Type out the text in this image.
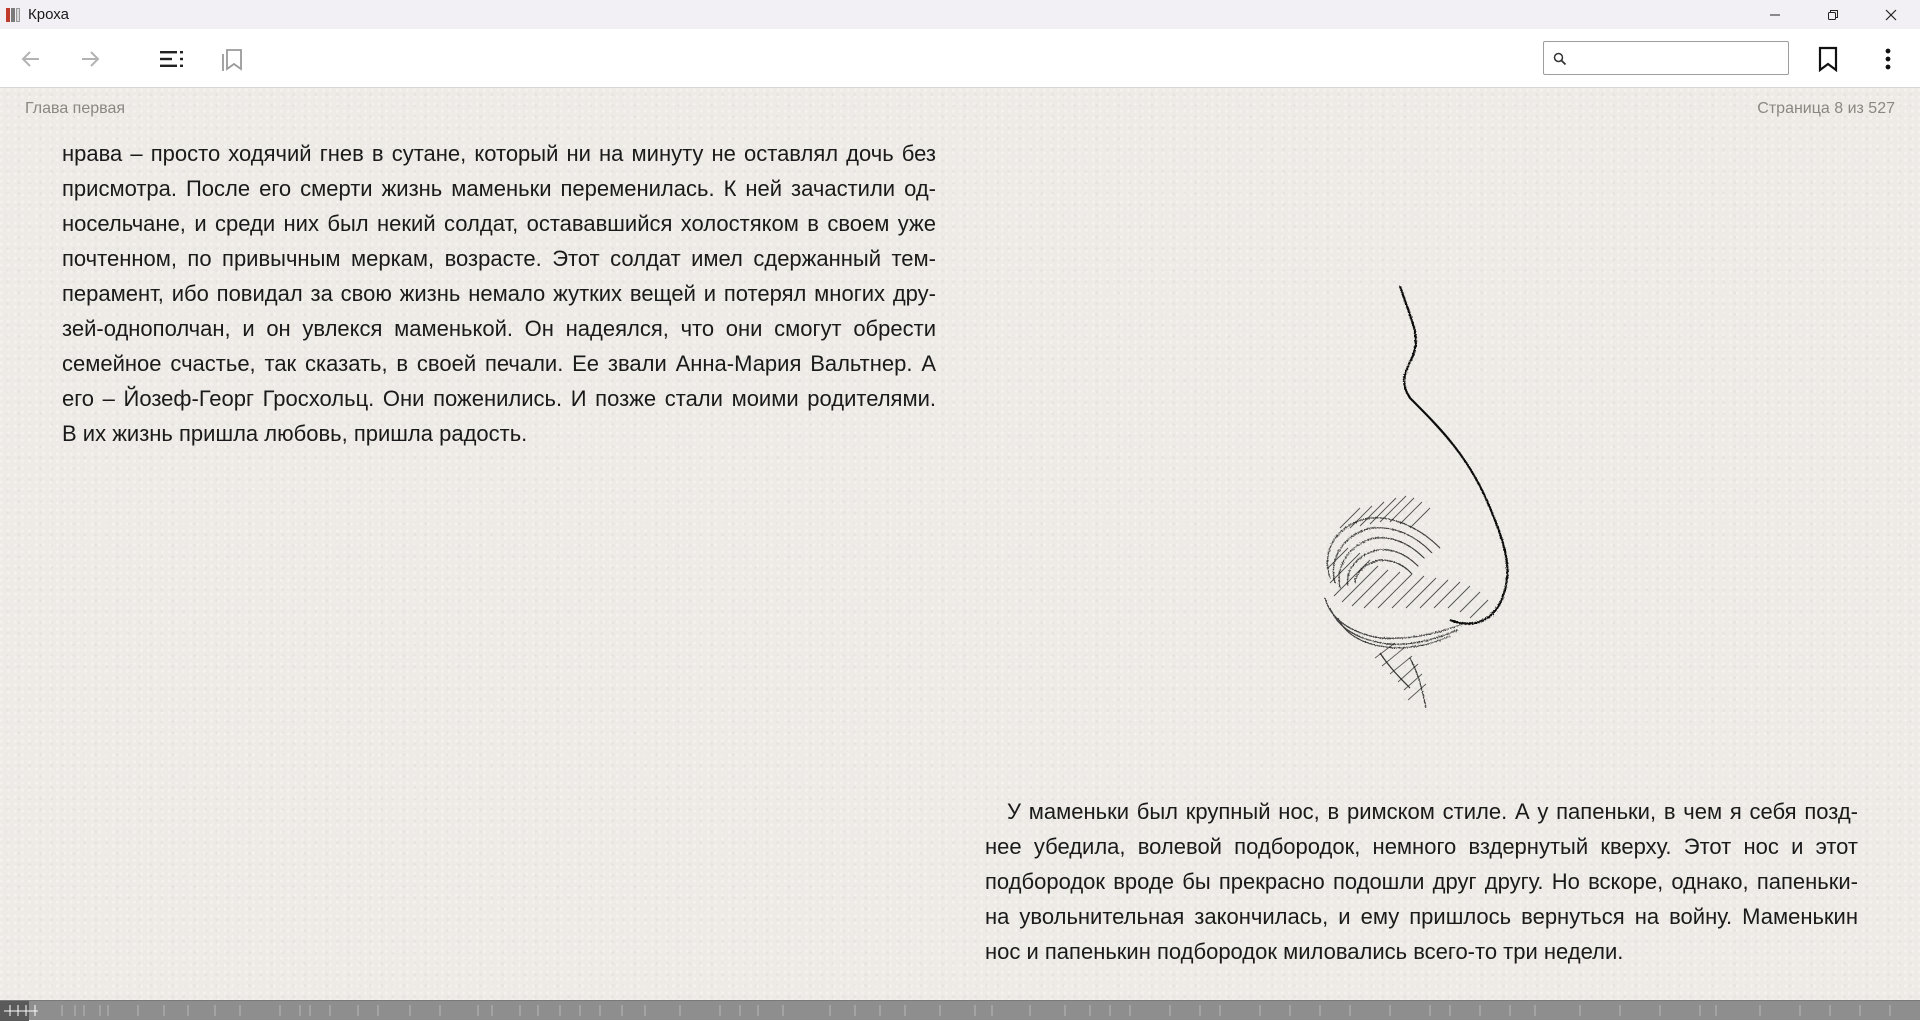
Кроха
Глава первая	Страница 8 из 527
нрава – просто ходячий гнев в сутане, который ни на минуту не оставлял дочь без
присмотра. После его смерти жизнь маменьки переменилась. К ней зачастили од-
носельчане, и среди них был некий солдат, остававшийся холостяком в своем уже
почтенном, по привычным меркам, возрасте. Этот солдат имел сдержанный тем-
перамент, ибо повидал за свою жизнь немало жутких вещей и потерял многих дру-
зей-однополчан, и он увлекся маменькой. Он надеялся, что они смогут обрести
семейное счастье, так сказать, в своей печали. Ее звали Анна-Мария Вальтнер. А
его – Йозеф-Георг Гросхольц. Они поженились. И позже стали моими родителями.
В их жизнь пришла любовь, пришла радость.
У маменьки был крупный нос, в римском стиле. А у папеньки, в чем я себя позд-
нее убедила, волевой подбородок, немного вздернутый кверху. Этот нос и этот
подбородок вроде бы прекрасно подошли друг другу. Но вскоре, однако, папеньки-
на увольнительная закончилась, и ему пришлось вернуться на войну. Маменькин
нос и папенькин подбородок миловались всего-то три недели.
